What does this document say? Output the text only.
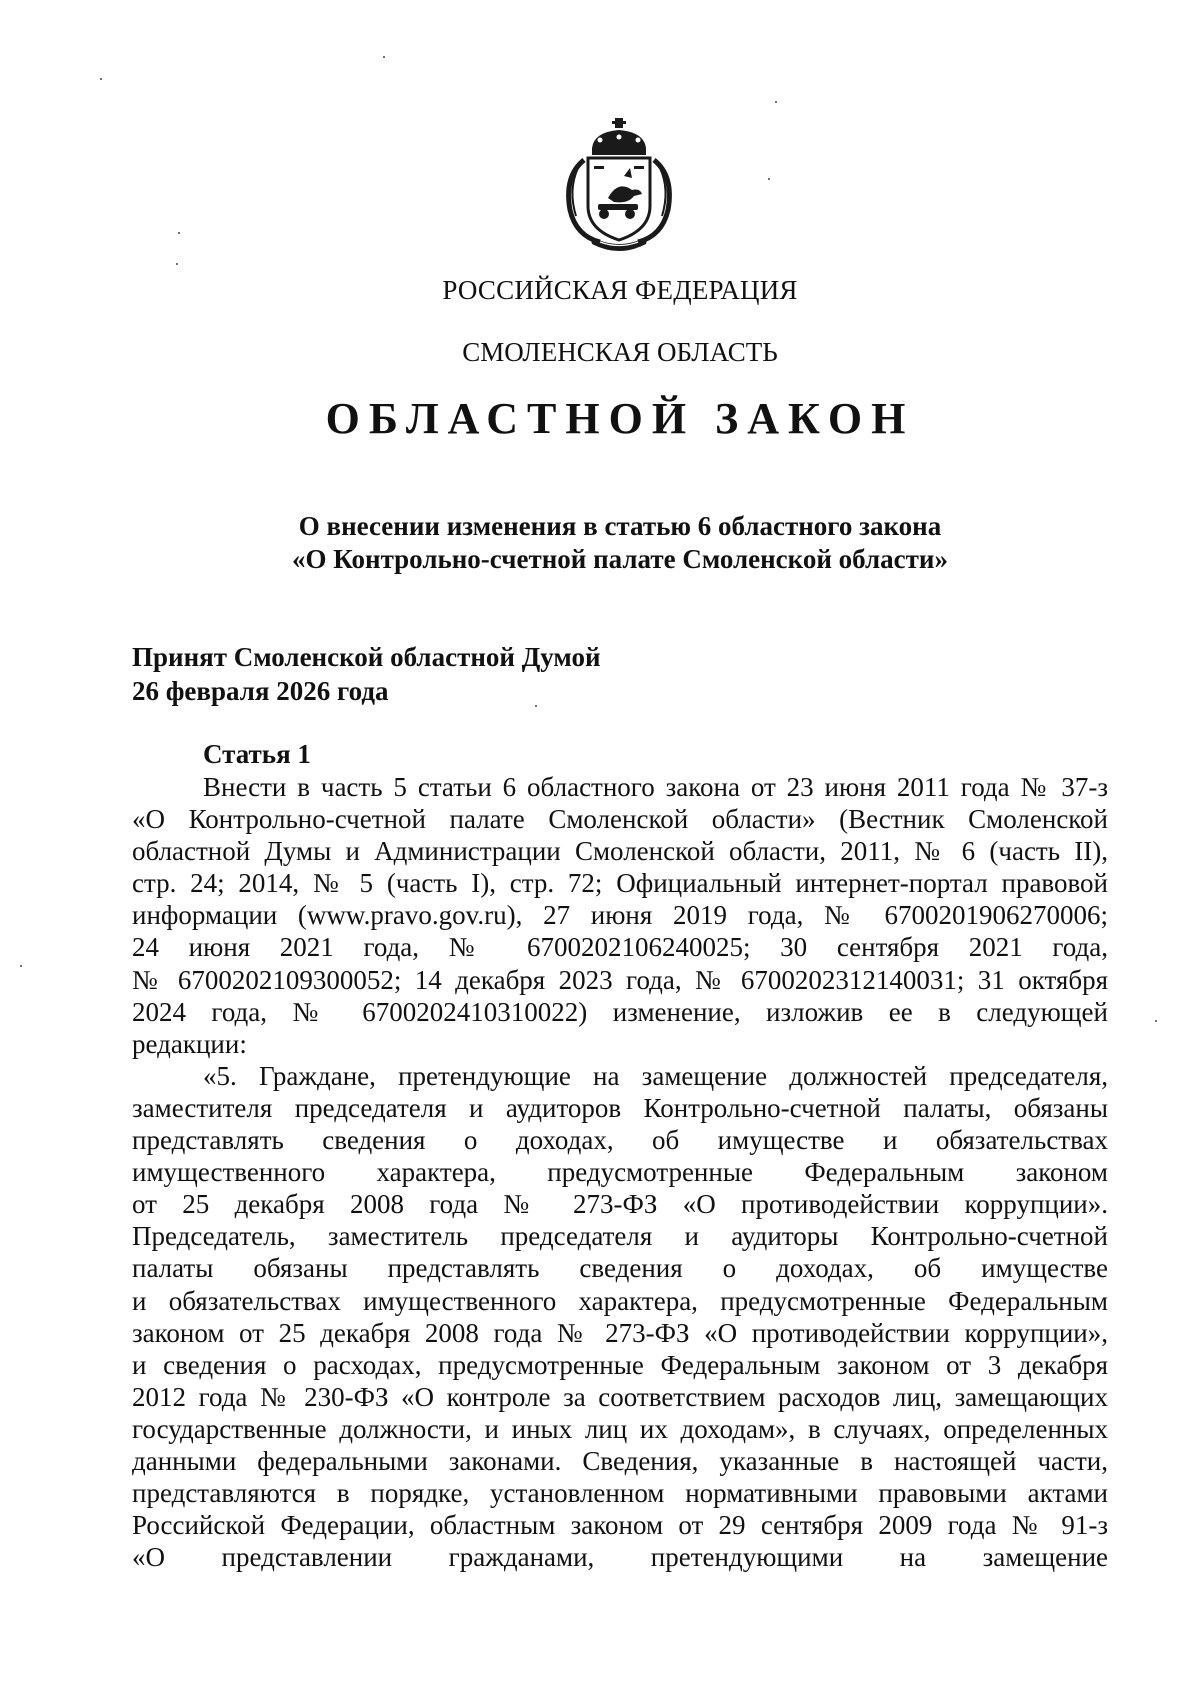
РОССИЙСКАЯ ФЕДЕРАЦИЯ
СМОЛЕНСКАЯ ОБЛАСТЬ
ОБЛАСТНОЙ ЗАКОН
О внесении изменения в статью 6 областного закона
«О Контрольно-счетной палате Смоленской области»
Принят Смоленской областной Думой
26 февраля 2026 года
Статья 1
Внести в часть 5 статьи 6 областного закона от 23 июня 2011 года № 37-з
«О Контрольно-счетной палате Смоленской области» (Вестник Смоленской
областной Думы и Администрации Смоленской области, 2011, № 6 (часть II),
стр. 24; 2014, № 5 (часть I), стр. 72; Официальный интернет-портал правовой
информации (www.pravo.gov.ru), 27 июня 2019 года, № 6700201906270006;
24 июня 2021 года, № 6700202106240025; 30 сентября 2021 года,
№ 6700202109300052; 14 декабря 2023 года, № 6700202312140031; 31 октября
2024 года, № 6700202410310022) изменение, изложив ее в следующей
редакции:
«5. Граждане, претендующие на замещение должностей председателя,
заместителя председателя и аудиторов Контрольно-счетной палаты, обязаны
представлять сведения о доходах, об имуществе и обязательствах
имущественного характера, предусмотренные Федеральным законом
от 25 декабря 2008 года № 273-ФЗ «О противодействии коррупции».
Председатель, заместитель председателя и аудиторы Контрольно-счетной
палаты обязаны представлять сведения о доходах, об имуществе
и обязательствах имущественного характера, предусмотренные Федеральным
законом от 25 декабря 2008 года № 273-ФЗ «О противодействии коррупции»,
и сведения о расходах, предусмотренные Федеральным законом от 3 декабря
2012 года № 230-ФЗ «О контроле за соответствием расходов лиц, замещающих
государственные должности, и иных лиц их доходам», в случаях, определенных
данными федеральными законами. Сведения, указанные в настоящей части,
представляются в порядке, установленном нормативными правовыми актами
Российской Федерации, областным законом от 29 сентября 2009 года № 91-з
«О представлении гражданами, претендующими на замещение
